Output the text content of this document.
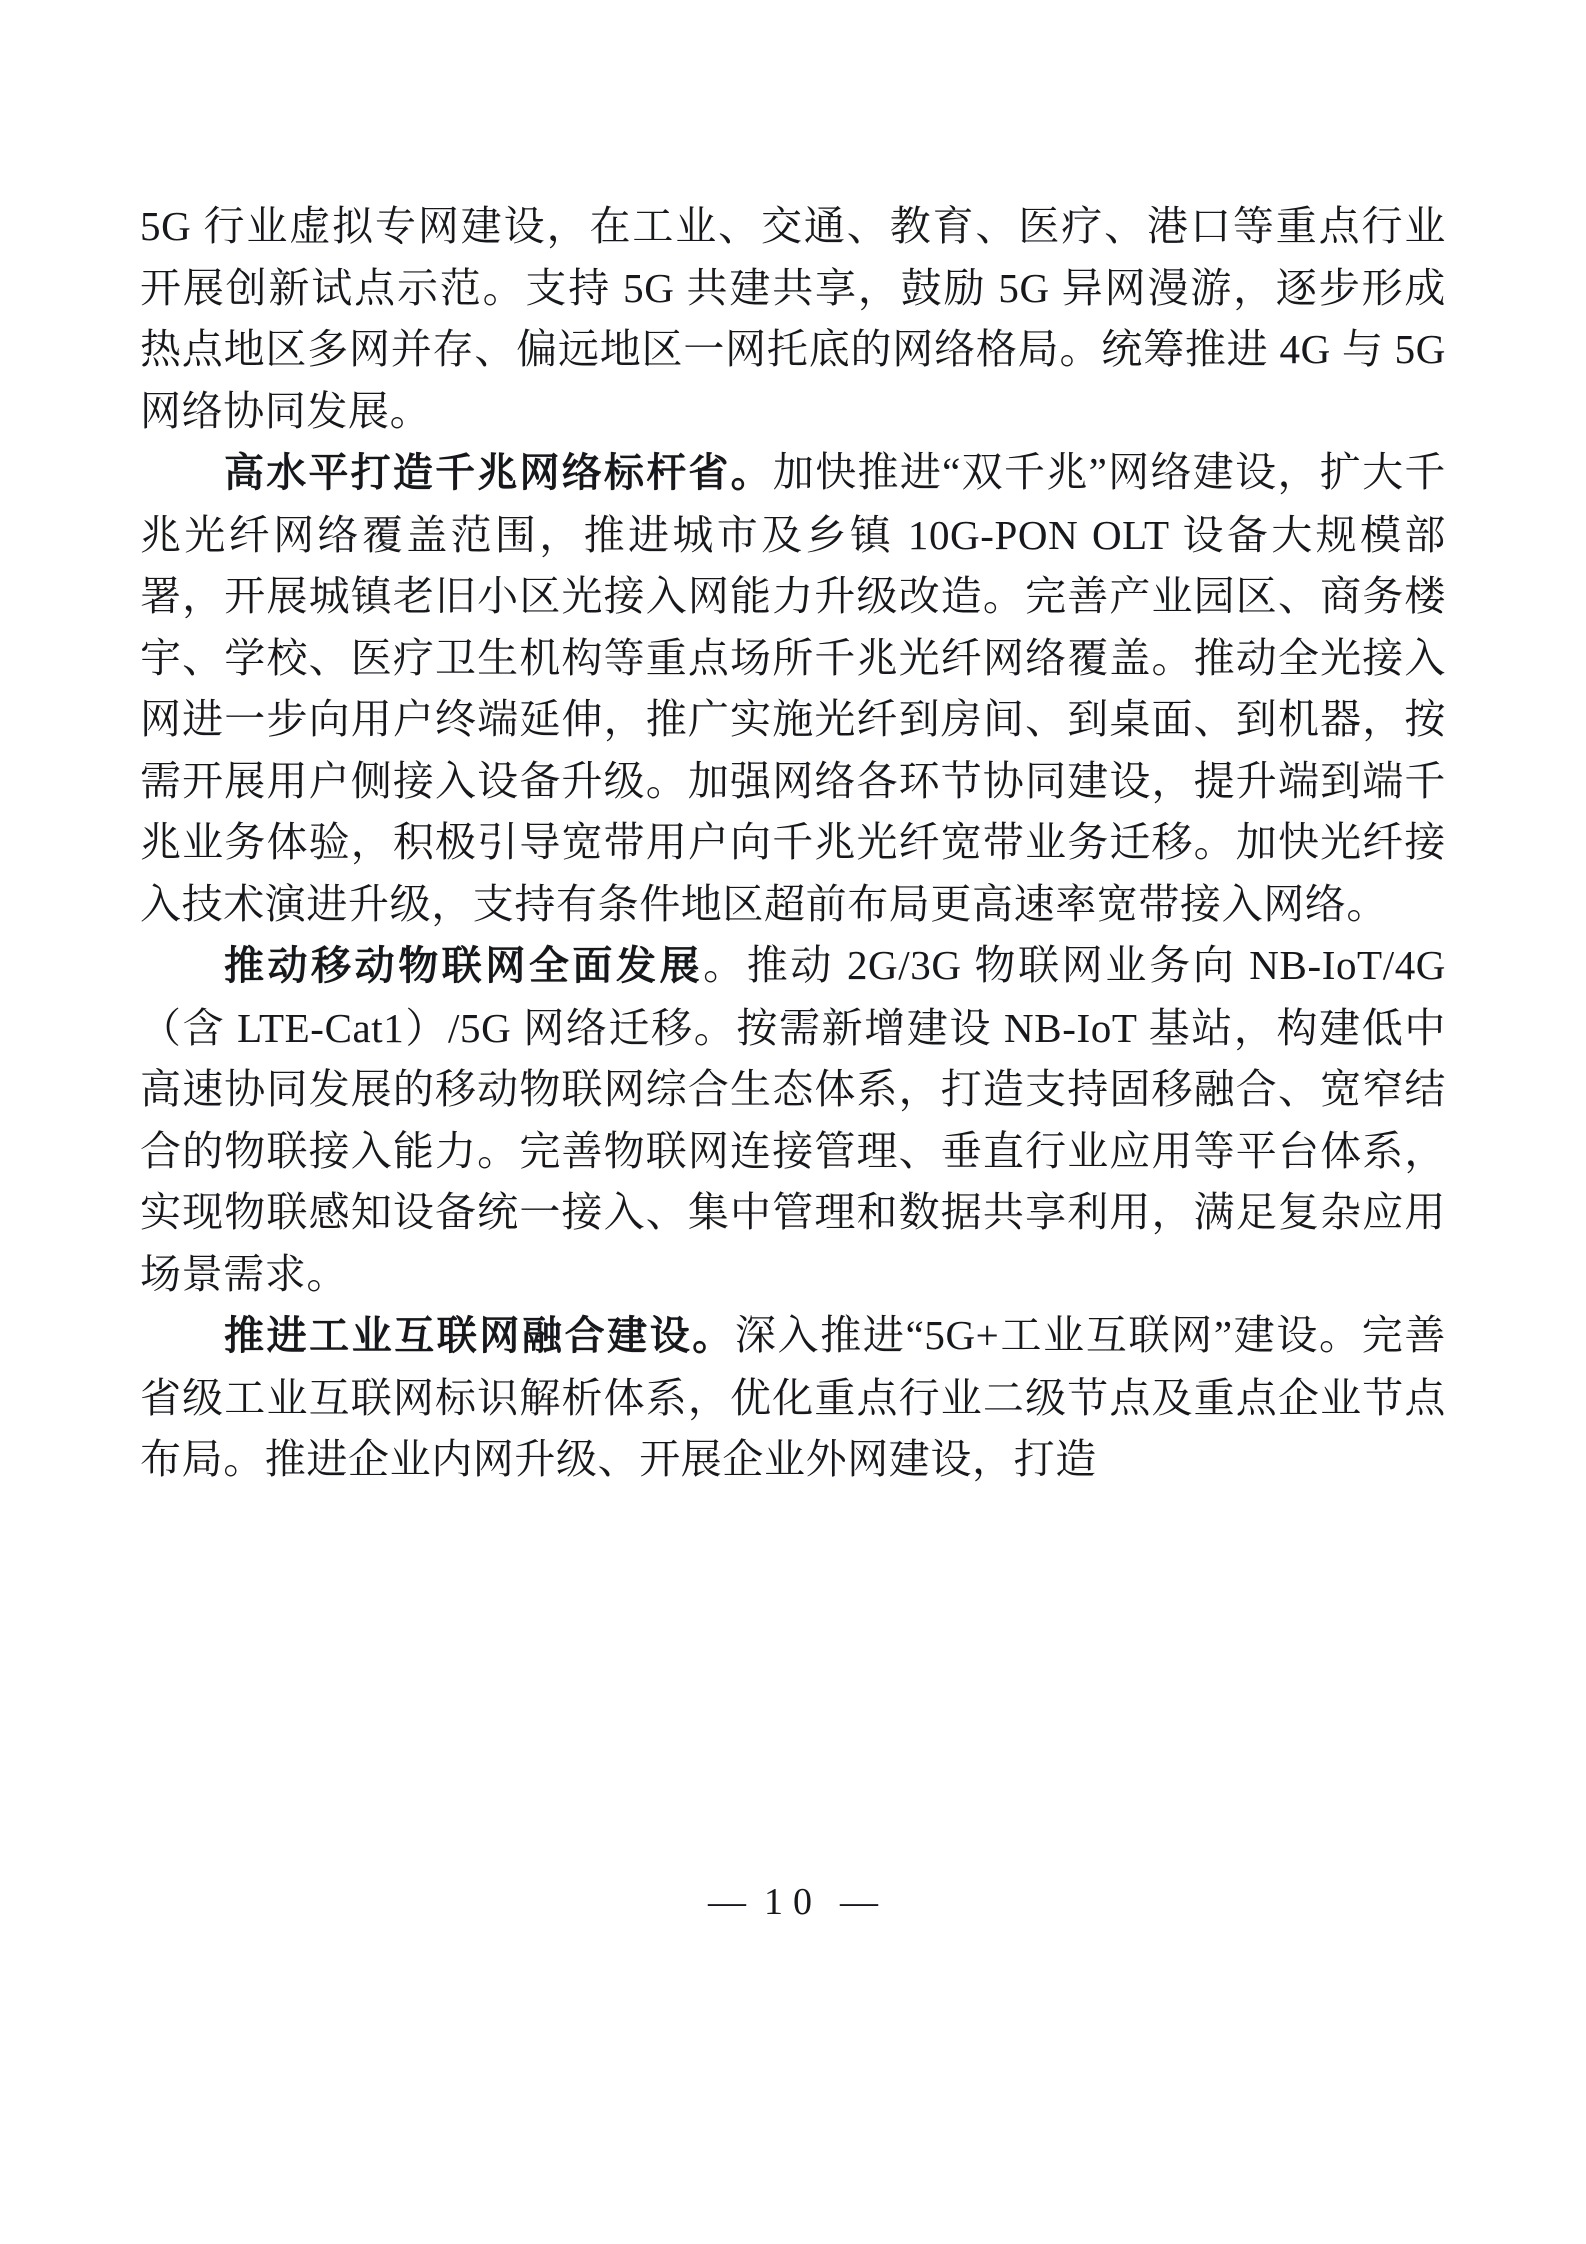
5G 行业虚拟专网建设，在工业、交通、教育、医疗、港口等重点行业开展创新试点示范。支持 5G 共建共享，鼓励 5G 异网漫游，逐步形成热点地区多网并存、偏远地区一网托底的网络格局。统筹推进 4G 与 5G 网络协同发展。

高水平打造千兆网络标杆省。加快推进“双千兆”网络建设，扩大千兆光纤网络覆盖范围，推进城市及乡镇 10G-PON OLT 设备大规模部署，开展城镇老旧小区光接入网能力升级改造。完善产业园区、商务楼宇、学校、医疗卫生机构等重点场所千兆光纤网络覆盖。推动全光接入网进一步向用户终端延伸，推广实施光纤到房间、到桌面、到机器，按需开展用户侧接入设备升级。加强网络各环节协同建设，提升端到端千兆业务体验，积极引导宽带用户向千兆光纤宽带业务迁移。加快光纤接入技术演进升级，支持有条件地区超前布局更高速率宽带接入网络。

推动移动物联网全面发展。推动 2G/3G 物联网业务向 NB-IoT/4G（含 LTE-Cat1）/5G 网络迁移。按需新增建设 NB-IoT 基站，构建低中高速协同发展的移动物联网综合生态体系，打造支持固移融合、宽窄结合的物联接入能力。完善物联网连接管理、垂直行业应用等平台体系，实现物联感知设备统一接入、集中管理和数据共享利用，满足复杂应用场景需求。

推进工业互联网融合建设。深入推进“5G+工业互联网”建设。完善省级工业互联网标识解析体系，优化重点行业二级节点及重点企业节点布局。推进企业内网升级、开展企业外网建设，打造

— 10 —
